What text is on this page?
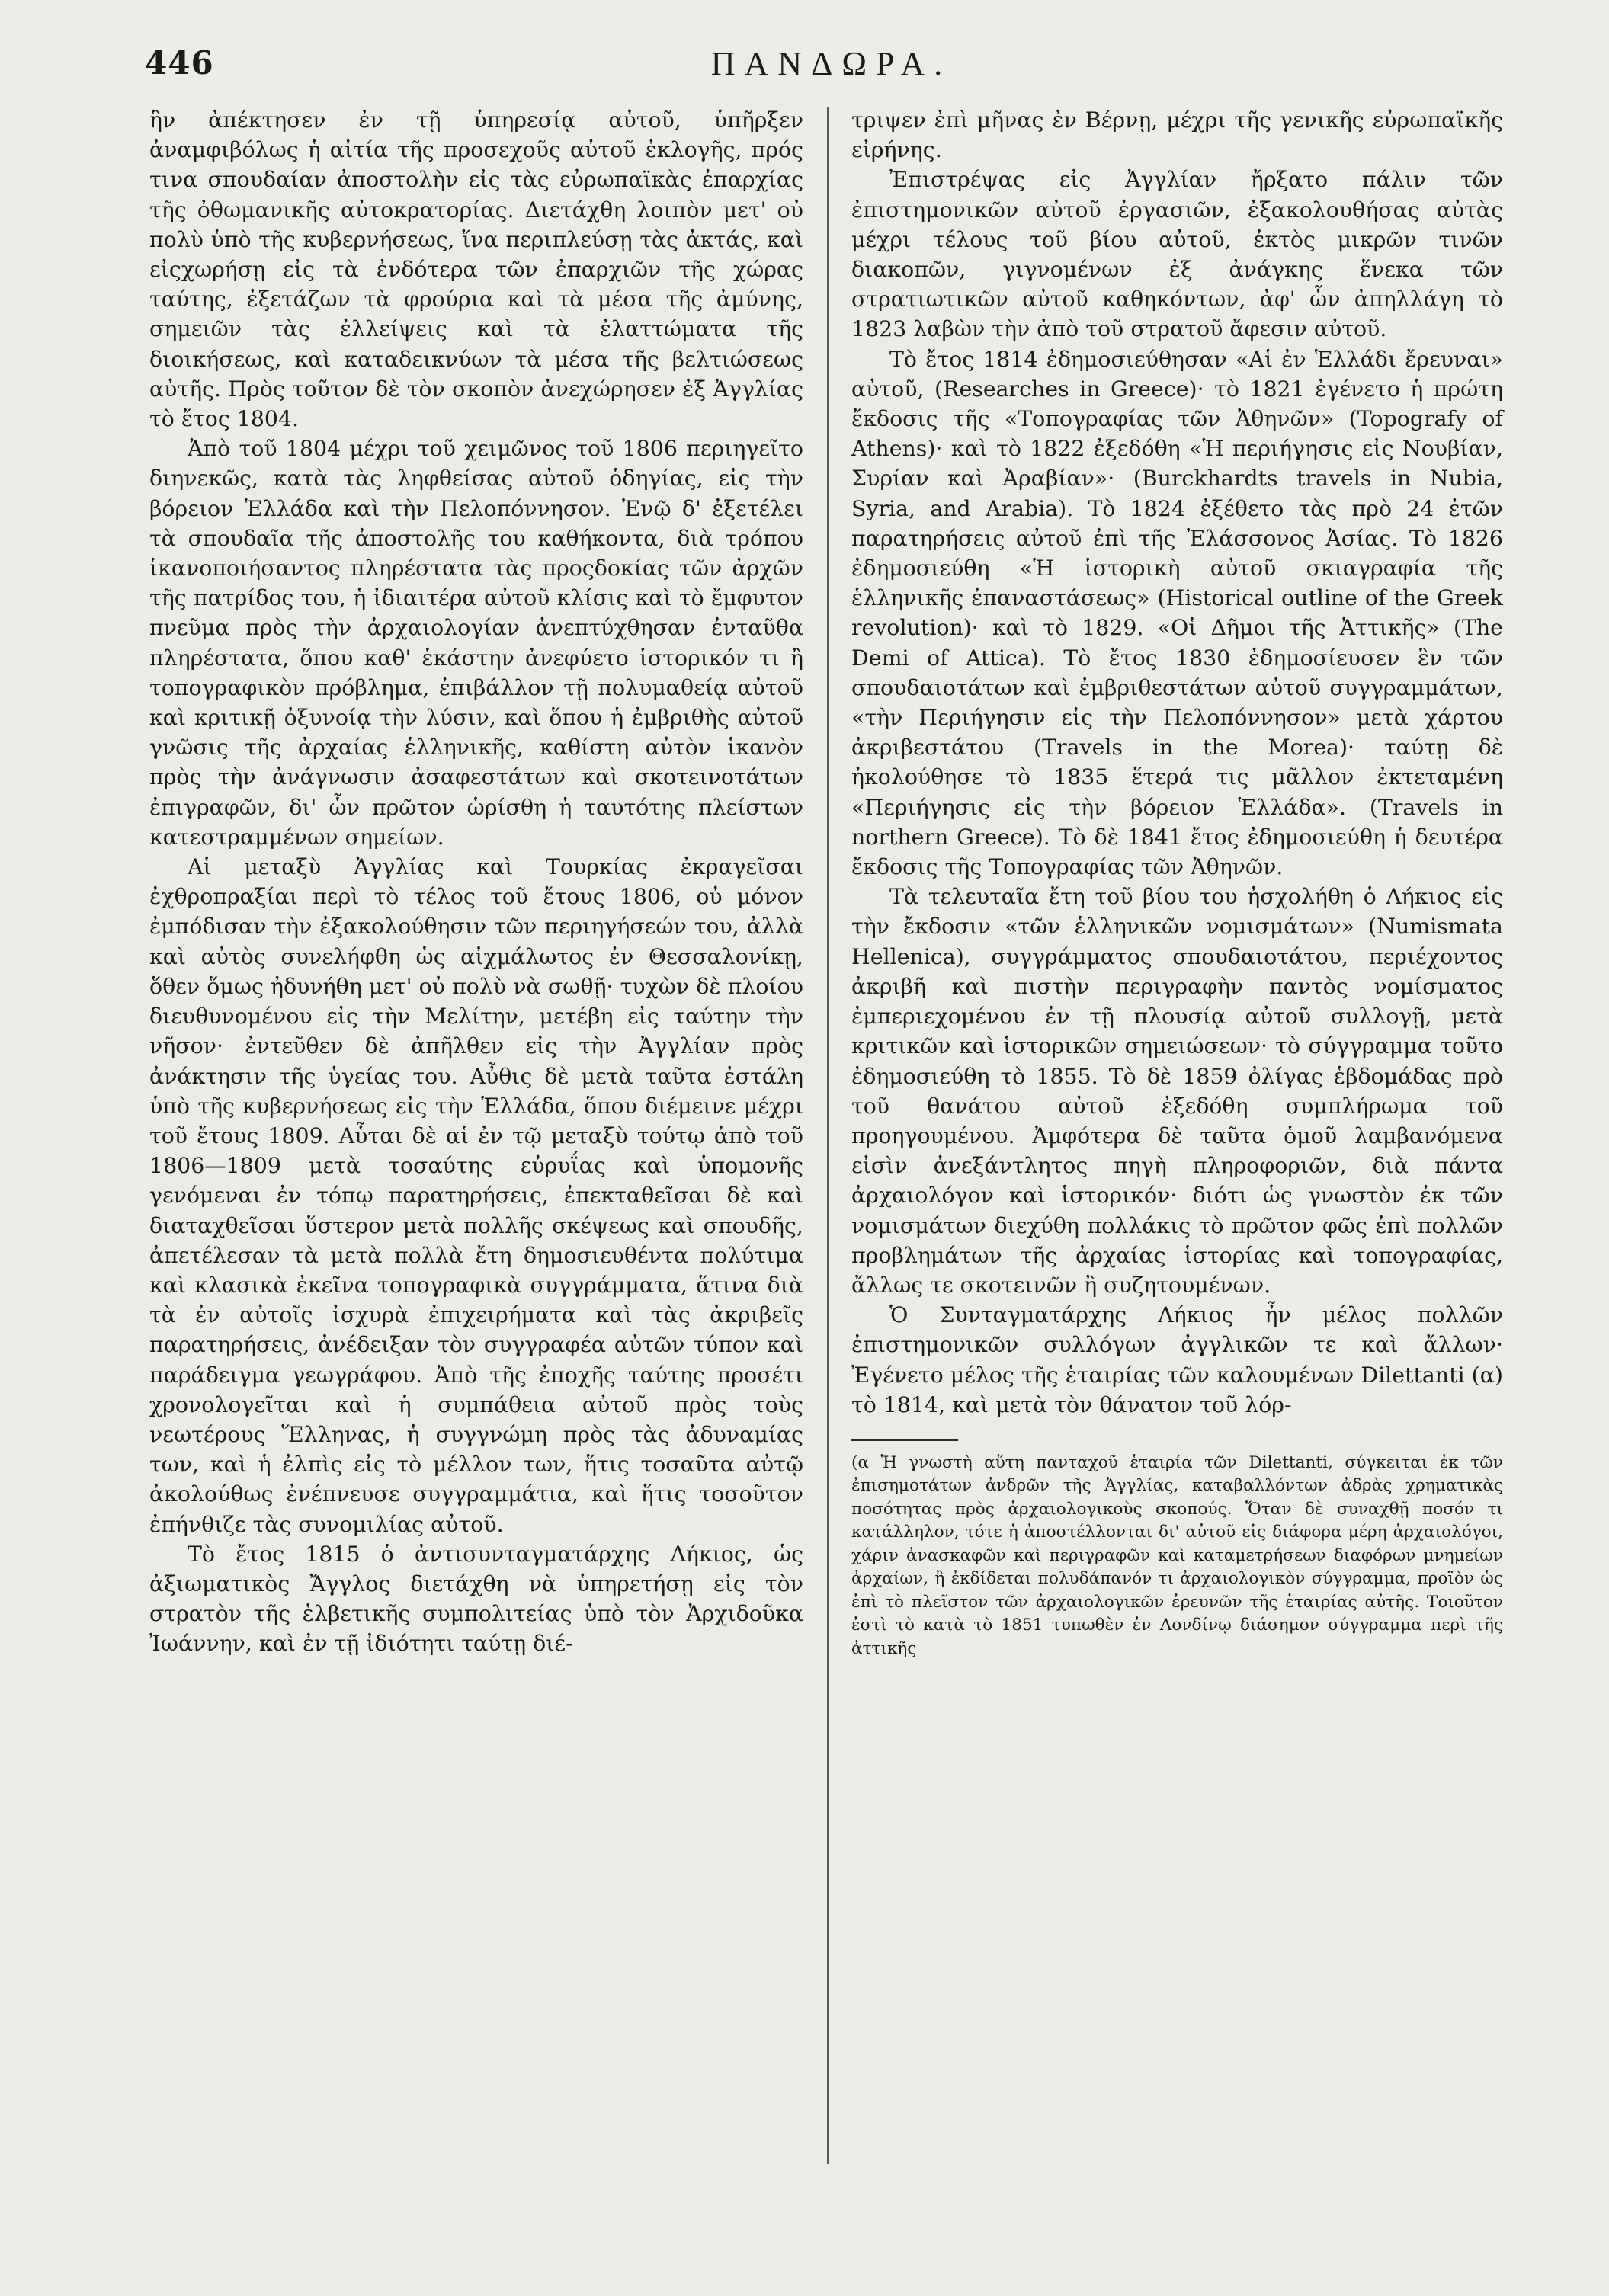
446	ΠΑΝΔΩΡΑ.

ἣν ἀπέκτησεν ἐν τῇ ὑπηρεσίᾳ αὐτοῦ, ὑπῆρξεν ἀναμφιβόλως ἡ αἰτία τῆς προσεχοῦς αὐτοῦ ἐκλογῆς, πρός τινα σπουδαίαν ἀποστολὴν εἰς τὰς εὐρωπαϊκὰς ἐπαρχίας τῆς ὀθωμανικῆς αὐτοκρατορίας. Διετάχθη λοιπὸν μετ' οὐ πολὺ ὑπὸ τῆς κυβερνήσεως, ἵνα περιπλεύσῃ τὰς ἀκτάς, καὶ εἰςχωρήσῃ εἰς τὰ ἐνδότερα τῶν ἐπαρχιῶν τῆς χώρας ταύτης, ἐξετάζων τὰ φρούρια καὶ τὰ μέσα τῆς ἀμύνης, σημειῶν τὰς ἐλλείψεις καὶ τὰ ἐλαττώματα τῆς διοικήσεως, καὶ καταδεικνύων τὰ μέσα τῆς βελτιώσεως αὐτῆς. Πρὸς τοῦτον δὲ τὸν σκοπὸν ἀνεχώρησεν ἐξ Ἀγγλίας τὸ ἔτος 1804.

Ἀπὸ τοῦ 1804 μέχρι τοῦ χειμῶνος τοῦ 1806 περιηγεῖτο διηνεκῶς, κατὰ τὰς ληφθείσας αὐτοῦ ὁδηγίας, εἰς τὴν βόρειον Ἑλλάδα καὶ τὴν Πελοπόννησον. Ἐνῷ δ' ἐξετέλει τὰ σπουδαῖα τῆς ἀποστολῆς του καθήκοντα, διὰ τρόπου ἱκανοποιήσαντος πληρέστατα τὰς προςδοκίας τῶν ἀρχῶν τῆς πατρίδος του, ἡ ἰδιαιτέρα αὐτοῦ κλίσις καὶ τὸ ἔμφυτον πνεῦμα πρὸς τὴν ἀρχαιολογίαν ἀνεπτύχθησαν ἐνταῦθα πληρέστατα, ὅπου καθ' ἑκάστην ἀνεφύετο ἱστορικόν τι ἢ τοπογραφικὸν πρόβλημα, ἐπιβάλλον τῇ πολυμαθείᾳ αὐτοῦ καὶ κριτικῇ ὀξυνοίᾳ τὴν λύσιν, καὶ ὅπου ἡ ἐμβριθὴς αὐτοῦ γνῶσις τῆς ἀρχαίας ἑλληνικῆς, καθίστη αὐτὸν ἱκανὸν πρὸς τὴν ἀνάγνωσιν ἀσαφεστάτων καὶ σκοτεινοτάτων ἐπιγραφῶν, δι' ὧν πρῶτον ὡρίσθη ἡ ταυτότης πλείστων κατεστραμμένων σημείων.

Αἱ μεταξὺ Ἀγγλίας καὶ Τουρκίας ἐκραγεῖσαι ἐχθροπραξίαι περὶ τὸ τέλος τοῦ ἔτους 1806, οὐ μόνον ἐμπόδισαν τὴν ἐξακολούθησιν τῶν περιηγήσεών του, ἀλλὰ καὶ αὐτὸς συνελήφθη ὡς αἰχμάλωτος ἐν Θεσσαλονίκῃ, ὅθεν ὅμως ἠδυνήθη μετ' οὐ πολὺ νὰ σωθῇ· τυχὼν δὲ πλοίου διευθυνομένου εἰς τὴν Μελίτην, μετέβη εἰς ταύτην τὴν νῆσον· ἐντεῦθεν δὲ ἀπῆλθεν εἰς τὴν Ἀγγλίαν πρὸς ἀνάκτησιν τῆς ὑγείας του. Αὖθις δὲ μετὰ ταῦτα ἐστάλη ὑπὸ τῆς κυβερνήσεως εἰς τὴν Ἑλλάδα, ὅπου διέμεινε μέχρι τοῦ ἔτους 1809. Αὗται δὲ αἱ ἐν τῷ μεταξὺ τούτῳ ἀπὸ τοῦ 1806—1809 μετὰ τοσαύτης εὐρυΐας καὶ ὑπομονῆς γενόμεναι ἐν τόπῳ παρατηρήσεις, ἐπεκταθεῖσαι δὲ καὶ διαταχθεῖσαι ὕστερον μετὰ πολλῆς σκέψεως καὶ σπουδῆς, ἀπετέλεσαν τὰ μετὰ πολλὰ ἔτη δημοσιευθέντα πολύτιμα καὶ κλασικὰ ἐκεῖνα τοπογραφικὰ συγγράμματα, ἅτινα διὰ τὰ ἐν αὐτοῖς ἰσχυρὰ ἐπιχειρήματα καὶ τὰς ἀκριβεῖς παρατηρήσεις, ἀνέδειξαν τὸν συγγραφέα αὐτῶν τύπον καὶ παράδειγμα γεωγράφου. Ἀπὸ τῆς ἐποχῆς ταύτης προσέτι χρονολογεῖται καὶ ἡ συμπάθεια αὐτοῦ πρὸς τοὺς νεωτέρους Ἕλληνας, ἡ συγγνώμη πρὸς τὰς ἀδυναμίας των, καὶ ἡ ἐλπὶς εἰς τὸ μέλλον των, ἥτις τοσαῦτα αὐτῷ ἀκολούθως ἐνέπνευσε συγγραμμάτια, καὶ ἥτις τοσοῦτον ἐπήνθιζε τὰς συνομιλίας αὐτοῦ.

Τὸ ἔτος 1815 ὁ ἀντισυνταγματάρχης Λήκιος, ὡς ἀξιωματικὸς Ἄγγλος διετάχθη νὰ ὑπηρετήσῃ εἰς τὸν στρατὸν τῆς ἑλβετικῆς συμπολιτείας ὑπὸ τὸν Ἀρχιδοῦκα Ἰωάννην, καὶ ἐν τῇ ἰδιότητι ταύτῃ διέ-

τριψεν ἐπὶ μῆνας ἐν Βέρνῃ, μέχρι τῆς γενικῆς εὐρωπαϊκῆς εἰρήνης.

Ἐπιστρέψας εἰς Ἀγγλίαν ἤρξατο πάλιν τῶν ἐπιστημονικῶν αὐτοῦ ἐργασιῶν, ἐξακολουθήσας αὐτὰς μέχρι τέλους τοῦ βίου αὐτοῦ, ἐκτὸς μικρῶν τινῶν διακοπῶν, γιγνομένων ἐξ ἀνάγκης ἕνεκα τῶν στρατιωτικῶν αὐτοῦ καθηκόντων, ἀφ' ὧν ἀπηλλάγη τὸ 1823 λαβὼν τὴν ἀπὸ τοῦ στρατοῦ ἄφεσιν αὐτοῦ.

Τὸ ἔτος 1814 ἐδημοσιεύθησαν «Αἱ ἐν Ἑλλάδι ἔρευναι» αὐτοῦ, (Researches in Greece)· τὸ 1821 ἐγένετο ἡ πρώτη ἔκδοσις τῆς «Τοπογραφίας τῶν Ἀθηνῶν» (Topografy of Athens)· καὶ τὸ 1822 ἐξεδόθη «Ἡ περιήγησις εἰς Νουβίαν, Συρίαν καὶ Ἀραβίαν»· (Burckhardts travels in Nubia, Syria, and Arabia). Τὸ 1824 ἐξέθετο τὰς πρὸ 24 ἐτῶν παρατηρήσεις αὐτοῦ ἐπὶ τῆς Ἐλάσσονος Ἀσίας. Τὸ 1826 ἐδημοσιεύθη «Ἡ ἱστορικὴ αὐτοῦ σκιαγραφία τῆς ἑλληνικῆς ἐπαναστάσεως» (Historical outline of the Greek revolution)· καὶ τὸ 1829. «Οἱ Δῆμοι τῆς Ἀττικῆς» (The Demi of Attica). Τὸ ἔτος 1830 ἐδημοσίευσεν ἓν τῶν σπουδαιοτάτων καὶ ἐμβριθεστάτων αὐτοῦ συγγραμμάτων, «τὴν Περιήγησιν εἰς τὴν Πελοπόννησον» μετὰ χάρτου ἀκριβεστάτου (Travels in the Morea)· ταύτῃ δὲ ἠκολούθησε τὸ 1835 ἕτερά τις μᾶλλον ἐκτεταμένη «Περιήγησις εἰς τὴν βόρειον Ἑλλάδα». (Travels in northern Greece). Τὸ δὲ 1841 ἔτος ἐδημοσιεύθη ἡ δευτέρα ἔκδοσις τῆς Τοπογραφίας τῶν Ἀθηνῶν.

Τὰ τελευταῖα ἔτη τοῦ βίου του ἠσχολήθη ὁ Λήκιος εἰς τὴν ἔκδοσιν «τῶν ἑλληνικῶν νομισμάτων» (Numismata Hellenica), συγγράμματος σπουδαιοτάτου, περιέχοντος ἀκριβῆ καὶ πιστὴν περιγραφὴν παντὸς νομίσματος ἐμπεριεχομένου ἐν τῇ πλουσίᾳ αὐτοῦ συλλογῇ, μετὰ κριτικῶν καὶ ἱστορικῶν σημειώσεων· τὸ σύγγραμμα τοῦτο ἐδημοσιεύθη τὸ 1855. Τὸ δὲ 1859 ὀλίγας ἑβδομάδας πρὸ τοῦ θανάτου αὐτοῦ ἐξεδόθη συμπλήρωμα τοῦ προηγουμένου. Ἀμφότερα δὲ ταῦτα ὁμοῦ λαμβανόμενα εἰσὶν ἀνεξάντλητος πηγὴ πληροφοριῶν, διὰ πάντα ἀρχαιολόγον καὶ ἱστορικόν· διότι ὡς γνωστὸν ἐκ τῶν νομισμάτων διεχύθη πολλάκις τὸ πρῶτον φῶς ἐπὶ πολλῶν προβλημάτων τῆς ἀρχαίας ἱστορίας καὶ τοπογραφίας, ἄλλως τε σκοτεινῶν ἢ συζητουμένων.

Ὁ Συνταγματάρχης Λήκιος ἦν μέλος πολλῶν ἐπιστημονικῶν συλλόγων ἀγγλικῶν τε καὶ ἄλλων· Ἐγένετο μέλος τῆς ἑταιρίας τῶν καλουμένων Dilettanti (α) τὸ 1814, καὶ μετὰ τὸν θάνατον τοῦ λόρ-

(α Ἡ γνωστὴ αὕτη πανταχοῦ ἑταιρία τῶν Dilettanti, σύγκειται ἐκ τῶν ἐπισημοτάτων ἀνδρῶν τῆς Ἀγγλίας, καταβαλλόντων ἀδρὰς χρηματικὰς ποσότητας πρὸς ἀρχαιολογικοὺς σκοπούς. Ὅταν δὲ συναχθῇ ποσόν τι κατάλληλον, τότε ἡ ἀποστέλλονται δι' αὐτοῦ εἰς διάφορα μέρη ἀρχαιολόγοι, χάριν ἀνασκαφῶν καὶ περιγραφῶν καὶ καταμετρήσεων διαφόρων μνημείων ἀρχαίων, ἢ ἐκδίδεται πολυδάπανόν τι ἀρχαιολογικὸν σύγγραμμα, προϊὸν ὡς ἐπὶ τὸ πλεῖστον τῶν ἀρχαιολογικῶν ἐρευνῶν τῆς ἑταιρίας αὐτῆς. Τοιοῦτον ἐστὶ τὸ κατὰ τὸ 1851 τυπωθὲν ἐν Λονδίνῳ διάσημον σύγγραμμα περὶ τῆς ἀττικῆς
